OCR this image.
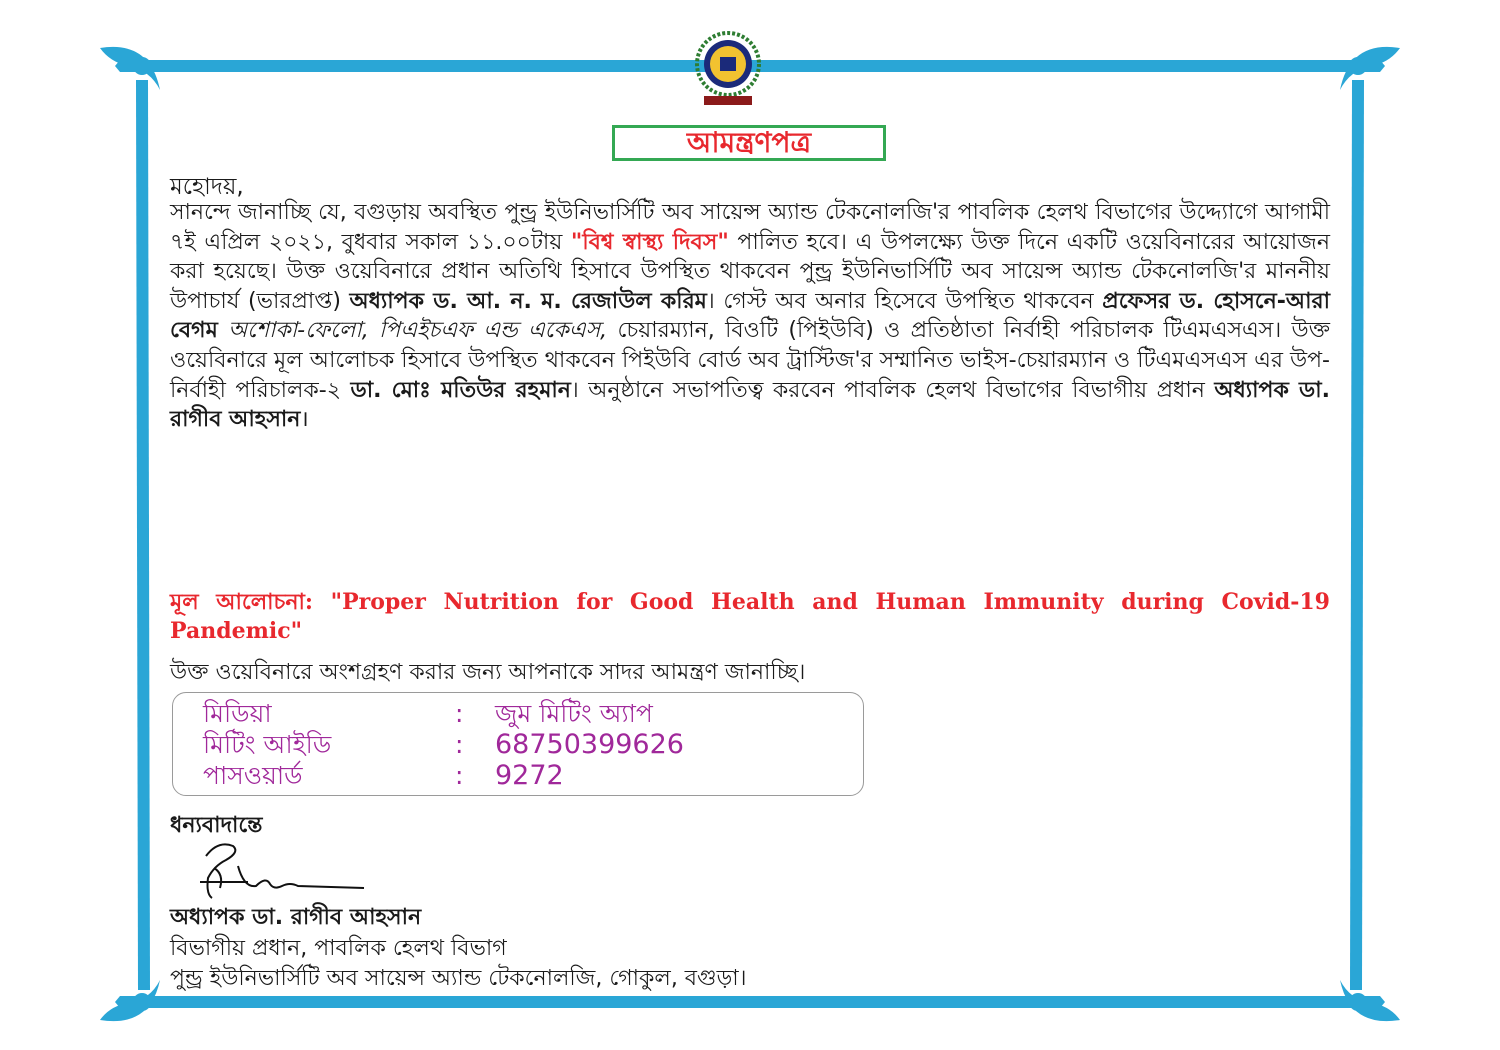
আমন্ত্রণপত্র
মহোদয়,
সানন্দে জানাচ্ছি যে, বগুড়ায় অবস্থিত পুন্ড্র ইউনিভার্সিটি অব সায়েন্স অ্যান্ড টেকনোলজি'র পাবলিক হেলথ বিভাগের উদ্দ্যোগে আগামী ৭ই এপ্রিল ২০২১, বুধবার সকাল ১১.০০টায় "বিশ্ব স্বাস্থ্য দিবস" পালিত হবে। এ উপলক্ষ্যে উক্ত দিনে একটি ওয়েবিনারের আয়োজন করা হয়েছে। উক্ত ওয়েবিনারে প্রধান অতিথি হিসাবে উপস্থিত থাকবেন পুন্ড্র ইউনিভার্সিটি অব সায়েন্স অ্যান্ড টেকনোলজি'র মাননীয় উপাচার্য (ভারপ্রাপ্ত) অধ্যাপক ড. আ. ন. ম. রেজাউল করিম। গেস্ট অব অনার হিসেবে উপস্থিত থাকবেন প্রফেসর ড. হোসনে-আরা বেগম অশোকা-ফেলো, পিএইচএফ এন্ড একেএস, চেয়ারম্যান, বিওটি (পিইউবি) ও প্রতিষ্ঠাতা নির্বাহী পরিচালক টিএমএসএস। উক্ত ওয়েবিনারে মূল আলোচক হিসাবে উপস্থিত থাকবেন পিইউবি বোর্ড অব ট্রাস্টিজ'র সম্মানিত ভাইস-চেয়ারম্যান ও টিএমএসএস এর উপ-নির্বাহী পরিচালক-২ ডা. মোঃ মতিউর রহমান। অনুষ্ঠানে সভাপতিত্ব করবেন পাবলিক হেলথ বিভাগের বিভাগীয় প্রধান অধ্যাপক ডা. রাগীব আহসান।
মূল আলোচনা: "Proper Nutrition for Good Health and Human Immunity during Covid-19 Pandemic"
উক্ত ওয়েবিনারে অংশগ্রহণ করার জন্য আপনাকে সাদর আমন্ত্রণ জানাচ্ছি।
মিডিয়া	:	জুম মিটিং অ্যাপ
মিটিং আইডি	:	68750399626
পাসওয়ার্ড	:	9272
ধন্যবাদান্তে
অধ্যাপক ডা. রাগীব আহসান
বিভাগীয় প্রধান, পাবলিক হেলথ বিভাগ
পুন্ড্র ইউনিভার্সিটি অব সায়েন্স অ্যান্ড টেকনোলজি, গোকুল, বগুড়া।
